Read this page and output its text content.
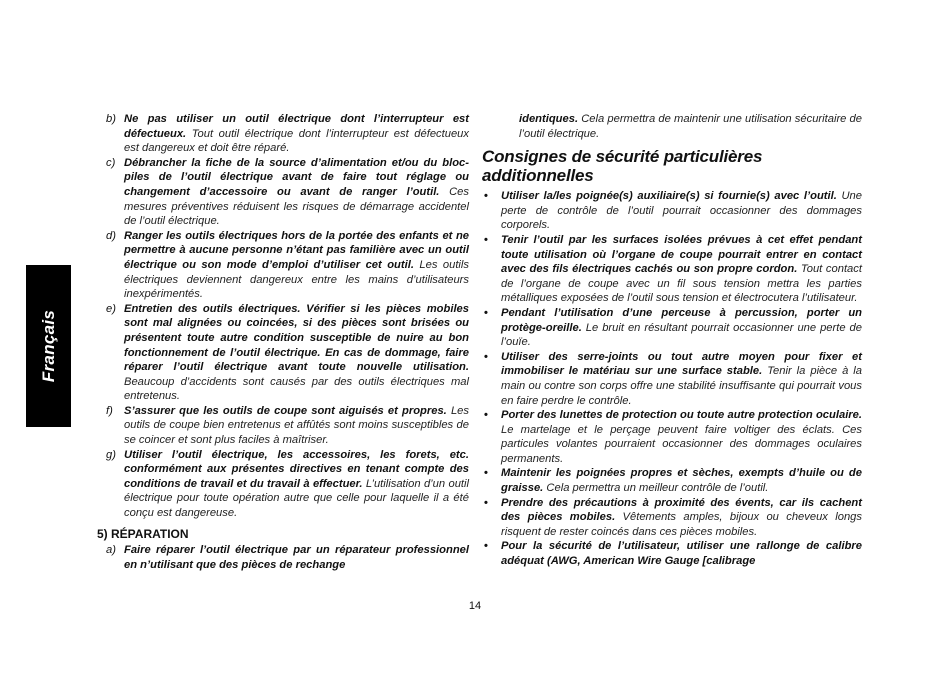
Français

b) Ne pas utiliser un outil électrique dont l’interrupteur est défectueux. Tout outil électrique dont l’interrupteur est défectueux est dangereux et doit être réparé.

c) Débrancher la fiche de la source d’alimentation et/ou du bloc-piles de l’outil électrique avant de faire tout réglage ou changement d’accessoire ou avant de ranger l’outil. Ces mesures préventives réduisent les risques de démarrage accidentel de l’outil électrique.

d) Ranger les outils électriques hors de la portée des enfants et ne permettre à aucune personne n’étant pas familière avec un outil électrique ou son mode d’emploi d’utiliser cet outil. Les outils électriques deviennent dangereux entre les mains d’utilisateurs inexpérimentés.

e) Entretien des outils électriques. Vérifier si les pièces mobiles sont mal alignées ou coincées, si des pièces sont brisées ou présentent toute autre condition susceptible de nuire au bon fonctionnement de l’outil électrique. En cas de dommage, faire réparer l’outil électrique avant toute nouvelle utilisation. Beaucoup d’accidents sont causés par des outils électriques mal entretenus.

f) S’assurer que les outils de coupe sont aiguisés et propres. Les outils de coupe bien entretenus et affûtés sont moins susceptibles de se coincer et sont plus faciles à maîtriser.

g) Utiliser l’outil électrique, les accessoires, les forets, etc. conformément aux présentes directives en tenant compte des conditions de travail et du travail à effectuer. L’utilisation d’un outil électrique pour toute opération autre que celle pour laquelle il a été conçu est dangereuse.

5) RÉPARATION

a) Faire réparer l’outil électrique par un réparateur professionnel en n’utilisant que des pièces de rechange

identiques. Cela permettra de maintenir une utilisation sécuritaire de l’outil électrique.

Consignes de sécurité particulières additionnelles

• Utiliser la/les poignée(s) auxiliaire(s) si fournie(s) avec l’outil. Une perte de contrôle de l’outil pourrait occasionner des dommages corporels.

• Tenir l’outil par les surfaces isolées prévues à cet effet pendant toute utilisation où l’organe de coupe pourrait entrer en contact avec des fils électriques cachés ou son propre cordon. Tout contact de l’organe de coupe avec un fil sous tension mettra les parties métalliques exposées de l’outil sous tension et électrocutera l’utilisateur.

• Pendant l’utilisation d’une perceuse à percussion, porter un protège-oreille. Le bruit en résultant pourrait occasionner une perte de l’ouïe.

• Utiliser des serre-joints ou tout autre moyen pour fixer et immobiliser le matériau sur une surface stable. Tenir la pièce à la main ou contre son corps offre une stabilité insuffisante qui pourrait vous en faire perdre le contrôle.

• Porter des lunettes de protection ou toute autre protection oculaire. Le martelage et le perçage peuvent faire voltiger des éclats. Ces particules volantes pourraient occasionner des dommages oculaires permanents.

• Maintenir les poignées propres et sèches, exempts d’huile ou de graisse. Cela permettra un meilleur contrôle de l’outil.

• Prendre des précautions à proximité des évents, car ils cachent des pièces mobiles. Vêtements amples, bijoux ou cheveux longs risquent de rester coincés dans ces pièces mobiles.

• Pour la sécurité de l’utilisateur, utiliser une rallonge de calibre adéquat (AWG, American Wire Gauge [calibrage

14
